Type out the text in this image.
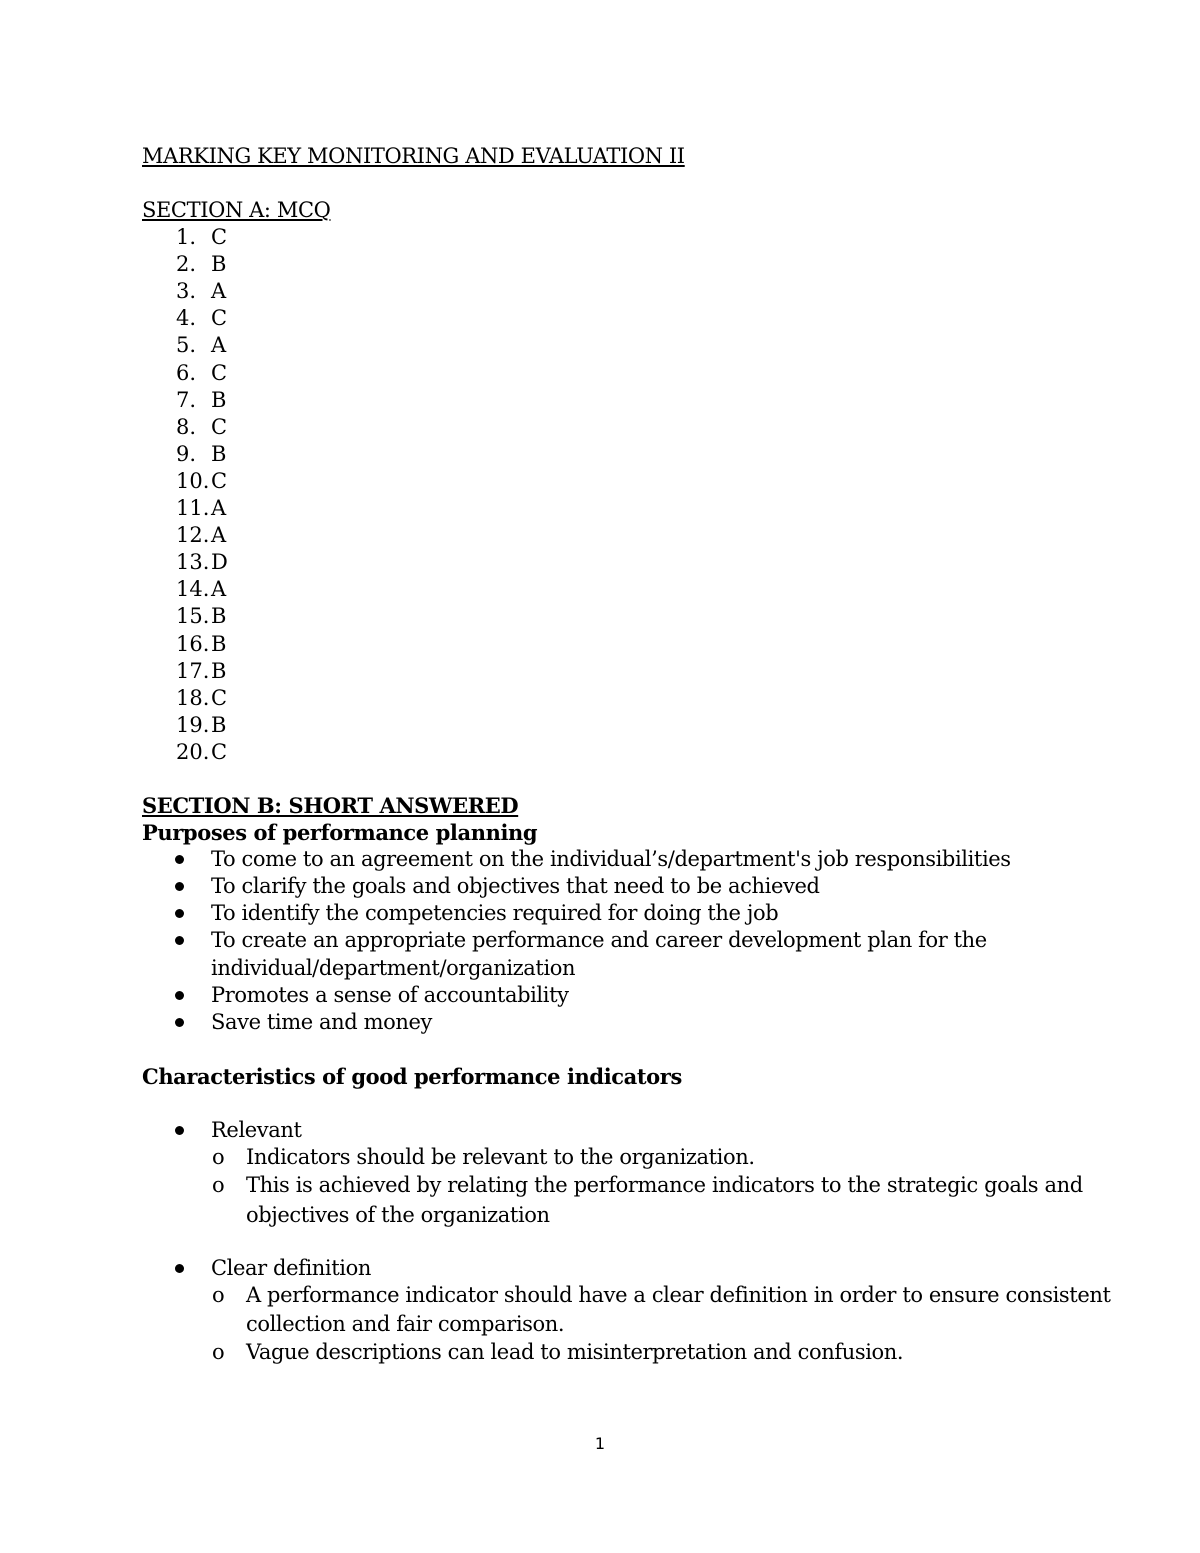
MARKING KEY MONITORING AND EVALUATION II
SECTION A: MCQ
1. C
2. B
3. A
4. C
5. A
6. C
7. B
8. C
9. B
10. C
11. A
12. A
13. D
14. A
15. B
16. B
17. B
18. C
19. B
20. C
SECTION B: SHORT ANSWERED
Purposes of performance planning
To come to an agreement on the individual’s/department's job responsibilities
To clarify the goals and objectives that need to be achieved
To identify the competencies required for doing the job
To create an appropriate performance and career development plan for the
individual/department/organization
Promotes a sense of accountability
Save time and money
Characteristics of good performance indicators
Relevant
o Indicators should be relevant to the organization.
o This is achieved by relating the performance indicators to the strategic goals and
objectives of the organization
Clear definition
o A performance indicator should have a clear definition in order to ensure consistent
collection and fair comparison.
o Vague descriptions can lead to misinterpretation and confusion.
1
